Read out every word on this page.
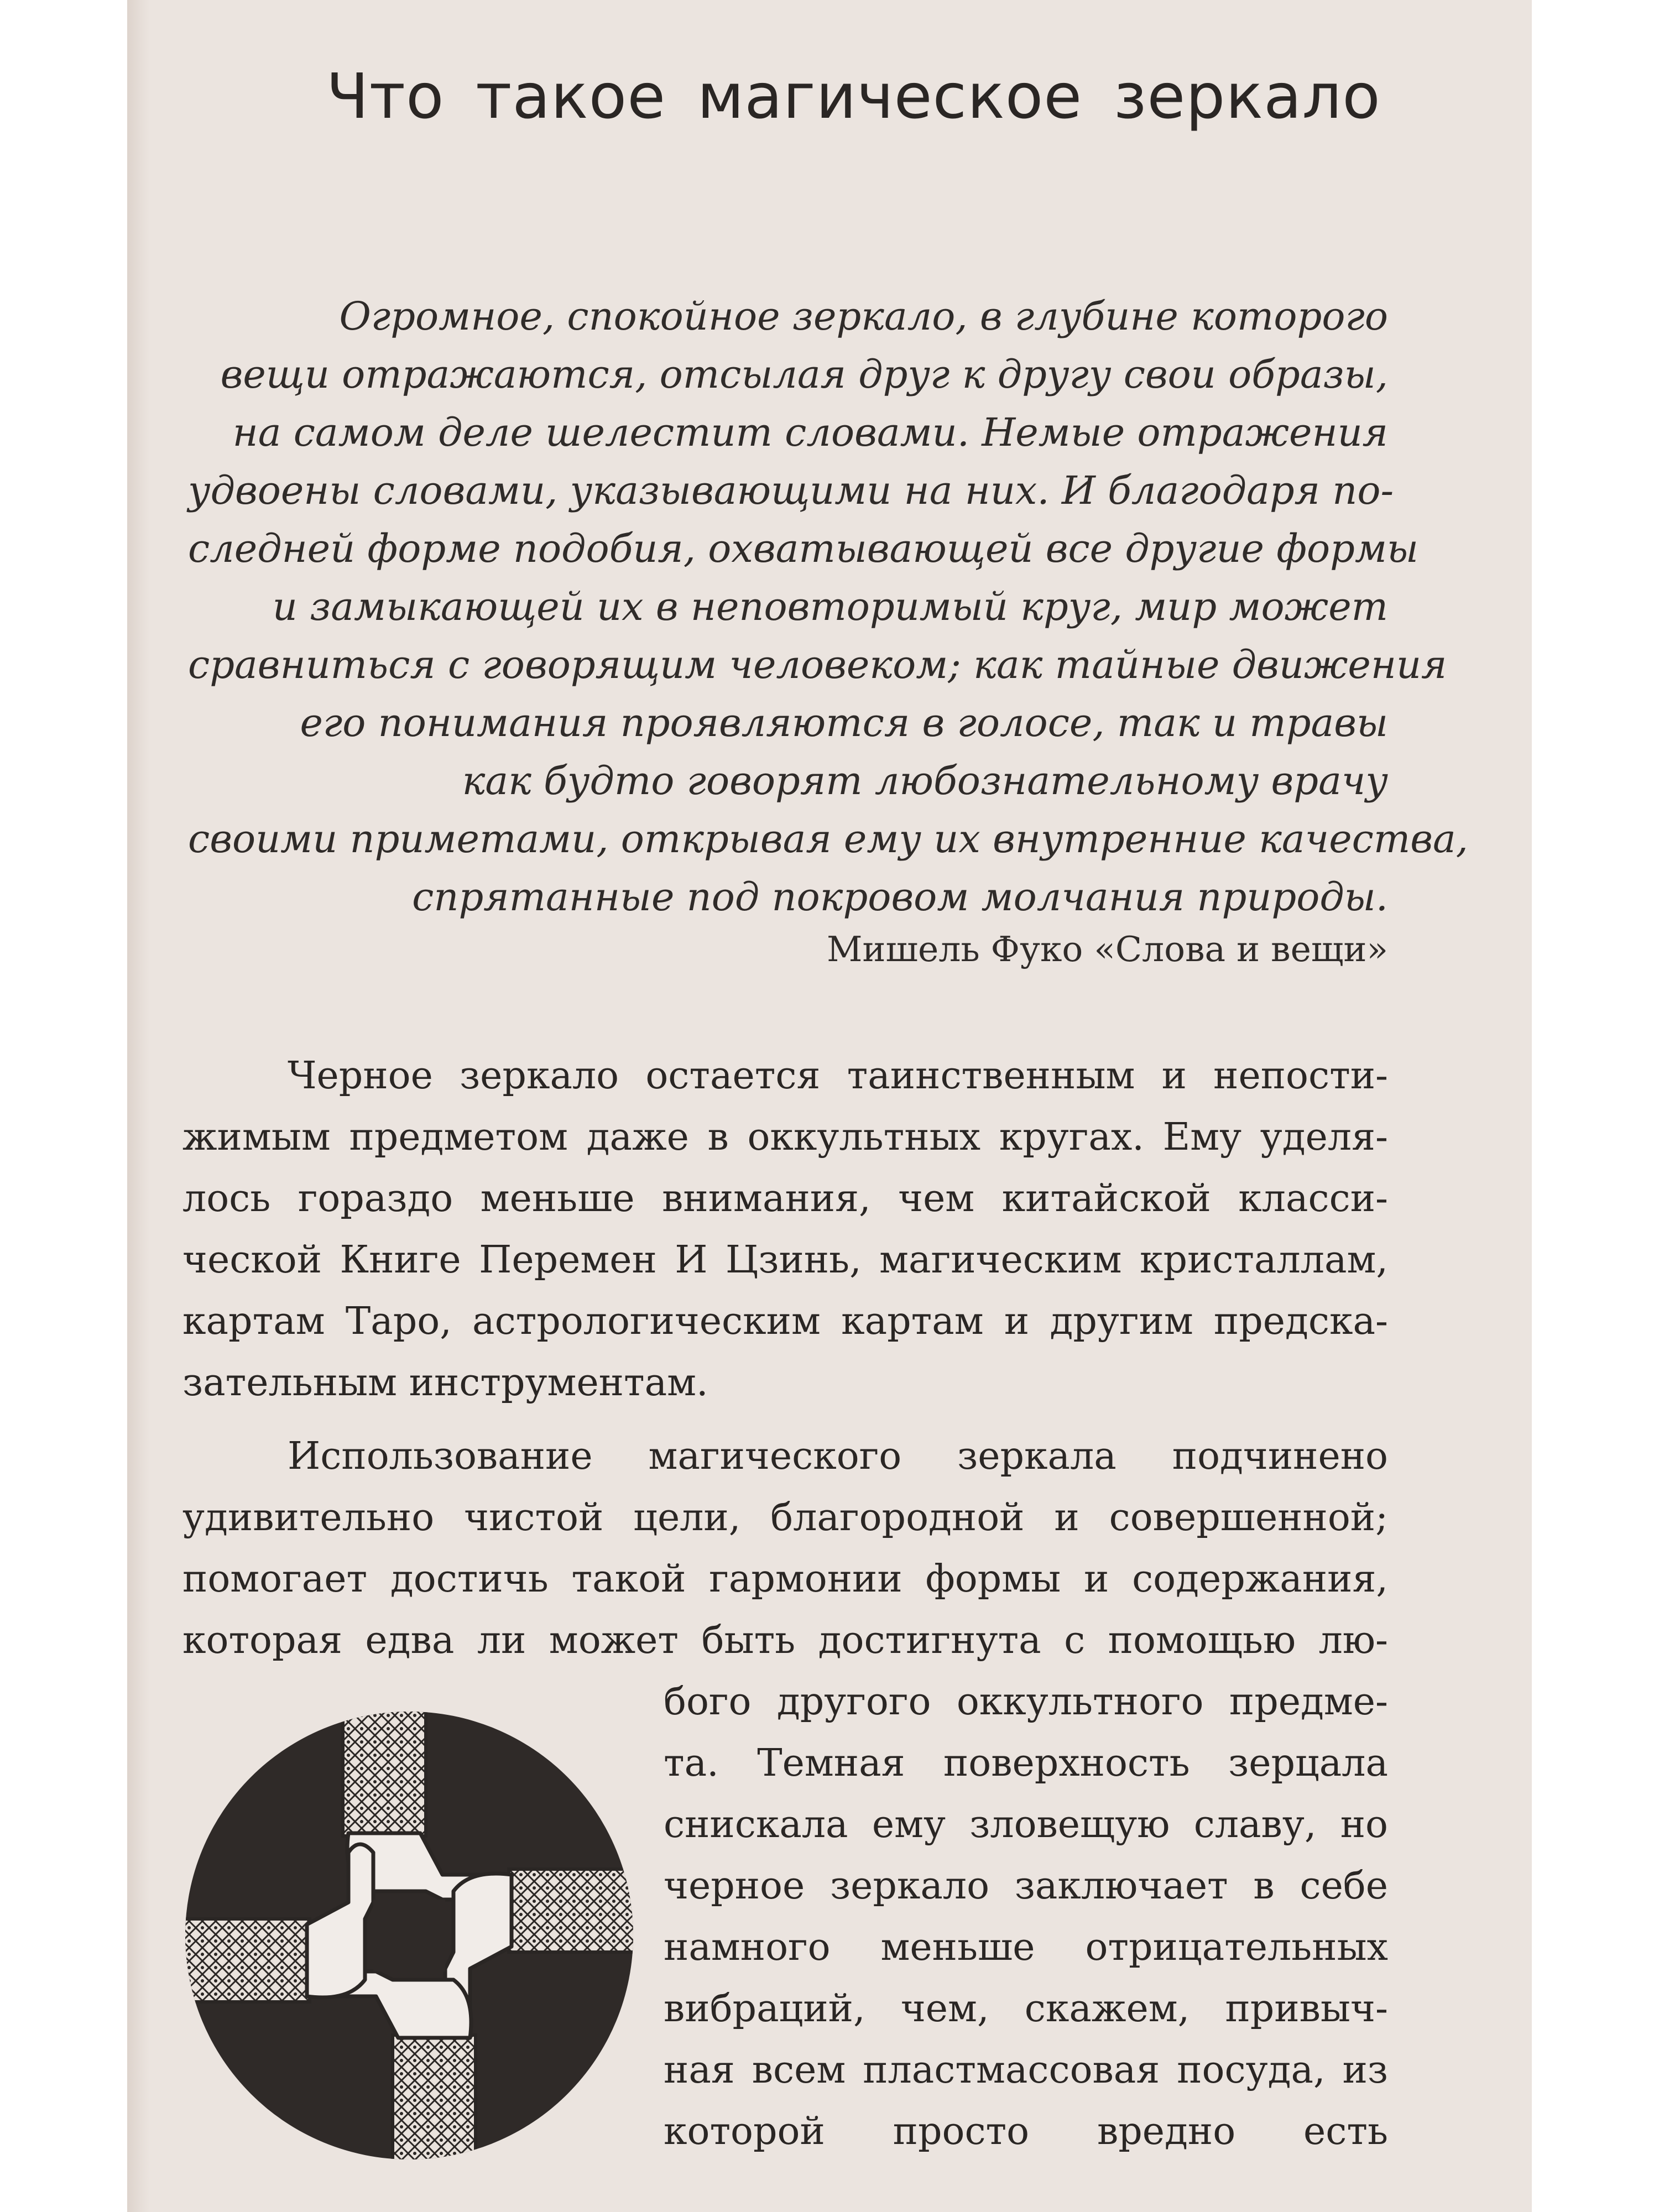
Что такое магическое зеркало
Огромное, спокойное зеркало, в глубине которого
вещи отражаются, отсылая друг к другу свои образы,
на самом деле шелестит словами. Немые отражения
удвоены словами, указывающими на них. И благодаря по-
следней форме подобия, охватывающей все другие формы
и замыкающей их в неповторимый круг, мир может
сравниться с говорящим человеком; как тайные движения
его понимания проявляются в голосе, так и травы
как будто говорят любознательному врачу
своими приметами, открывая ему их внутренние качества,
спрятанные под покровом молчания природы.
Мишель Фуко «Слова и вещи»
Черное зеркало остается таинственным и непости-
жимым предметом даже в оккультных кругах. Ему уделя-
лось гораздо меньше внимания, чем китайской класси-
ческой Книге Перемен И Цзинь, магическим кристаллам,
картам Таро, астрологическим картам и другим предска-
зательным инструментам.
Использование магического зеркала подчинено
удивительно чистой цели, благородной и совершенной;
помогает достичь такой гармонии формы и содержания,
которая едва ли может быть достигнута с помощью лю-
бого другого оккультного предме-
та. Темная поверхность зерцала
снискала ему зловещую славу, но
черное зеркало заключает в себе
намного меньше отрицательных
вибраций, чем, скажем, привыч-
ная всем пластмассовая посуда, из
которой просто вредно есть
